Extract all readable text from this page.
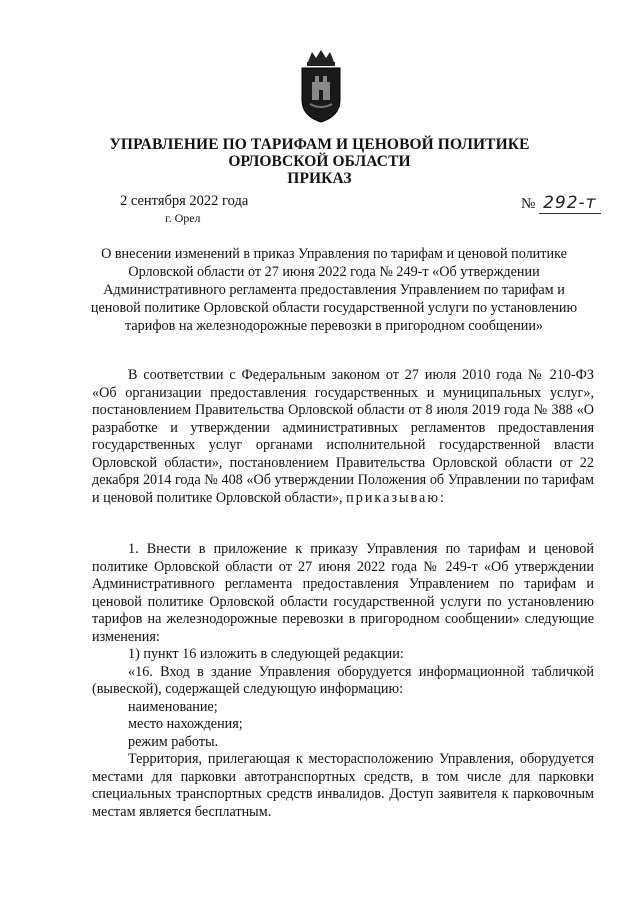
УПРАВЛЕНИЕ ПО ТАРИФАМ И ЦЕНОВОЙ ПОЛИТИКЕ
ОРЛОВСКОЙ ОБЛАСТИ
ПРИКАЗ
2 сентября 2022 года
г. Орел
№ 292-т
О внесении изменений в приказ Управления по тарифам и ценовой политике Орловской области от 27 июня 2022 года № 249-т «Об утверждении Административного регламента предоставления Управлением по тарифам и ценовой политике Орловской области государственной услуги по установлению тарифов на железнодорожные перевозки в пригородном сообщении»

В соответствии с Федеральным законом от 27 июля 2010 года № 210-ФЗ «Об организации предоставления государственных и муниципальных услуг», постановлением Правительства Орловской области от 8 июля 2019 года № 388 «О разработке и утверждении административных регламентов предоставления государственных услуг органами исполнительной государственной власти Орловской области», постановлением Правительства Орловской области от 22 декабря 2014 года № 408 «Об утверждении Положения об Управлении по тарифам и ценовой политике Орловской области», приказываю:

1. Внести в приложение к приказу Управления по тарифам и ценовой политике Орловской области от 27 июня 2022 года № 249-т «Об утверждении Административного регламента предоставления Управлением по тарифам и ценовой политике Орловской области государственной услуги по установлению тарифов на железнодорожные перевозки в пригородном сообщении» следующие изменения:

1) пункт 16 изложить в следующей редакции:

«16. Вход в здание Управления оборудуется информационной табличкой (вывеской), содержащей следующую информацию:

наименование;

место нахождения;

режим работы.

Территория, прилегающая к месторасположению Управления, оборудуется местами для парковки автотранспортных средств, в том числе для парковки специальных транспортных средств инвалидов. Доступ заявителя к парковочным местам является бесплатным.
